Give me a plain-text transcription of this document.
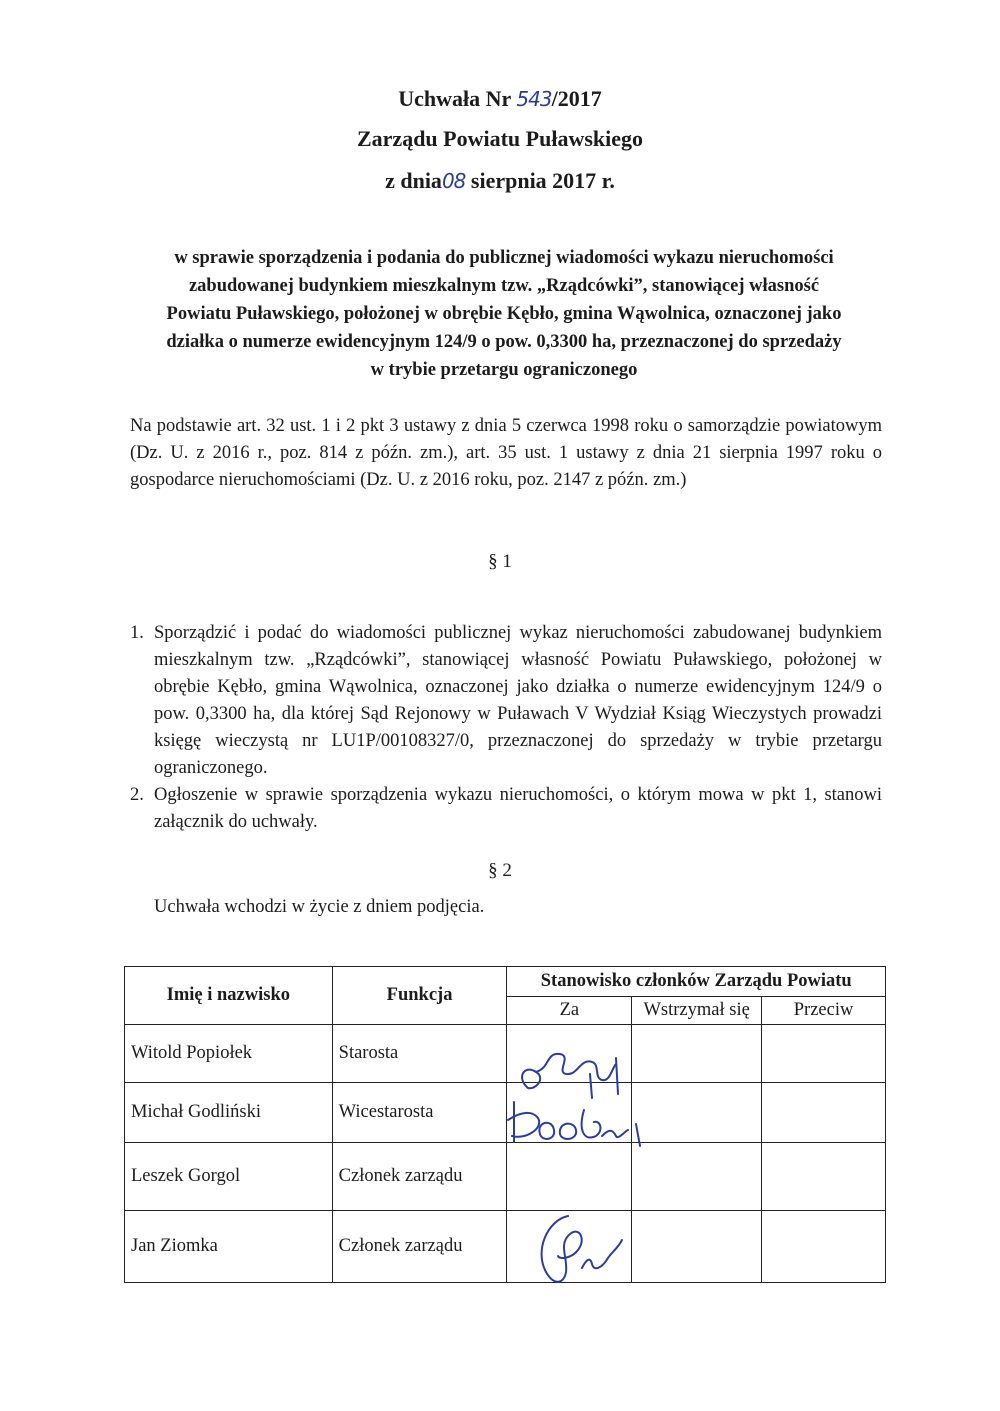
Uchwała Nr 543/2017
Zarządu Powiatu Puławskiego
z dnia08 sierpnia 2017 r.
w sprawie sporządzenia i podania do publicznej wiadomości wykazu nieruchomości
zabudowanej budynkiem mieszkalnym tzw. „Rządcówki”, stanowiącej własność
Powiatu Puławskiego, położonej w obrębie Kębło, gmina Wąwolnica, oznaczonej jako
działka o numerze ewidencyjnym 124/9 o pow. 0,3300 ha, przeznaczonej do sprzedaży
w trybie przetargu ograniczonego
Na podstawie art. 32 ust. 1 i 2 pkt 3 ustawy z dnia 5 czerwca 1998 roku o samorządzie powiatowym (Dz. U. z 2016 r., poz. 814 z późn. zm.), art. 35 ust. 1 ustawy z dnia 21 sierpnia 1997 roku o gospodarce nieruchomościami (Dz. U. z 2016 roku, poz. 2147 z późn. zm.)
§ 1
1. Sporządzić i podać do wiadomości publicznej wykaz nieruchomości zabudowanej budynkiem mieszkalnym tzw. „Rządcówki”, stanowiącej własność Powiatu Puławskiego, położonej w obrębie Kębło, gmina Wąwolnica, oznaczonej jako działka o numerze ewidencyjnym 124/9 o pow. 0,3300 ha, dla której Sąd Rejonowy w Puławach V Wydział Ksiąg Wieczystych prowadzi księgę wieczystą nr LU1P/00108327/0, przeznaczonej do sprzedaży w trybie przetargu ograniczonego.
2. Ogłoszenie w sprawie sporządzenia wykazu nieruchomości, o którym mowa w pkt 1, stanowi załącznik do uchwały.
§ 2
Uchwała wchodzi w życie z dniem podjęcia.
Imię i nazwisko	Funkcja	Stanowisko członków Zarządu Powiatu		
		Za	Wstrzymał się	Przeciw
Witold Popiołek	Starosta			
Michał Godliński	Wicestarosta			
Leszek Gorgol	Członek zarządu			
Jan Ziomka	Członek zarządu			
